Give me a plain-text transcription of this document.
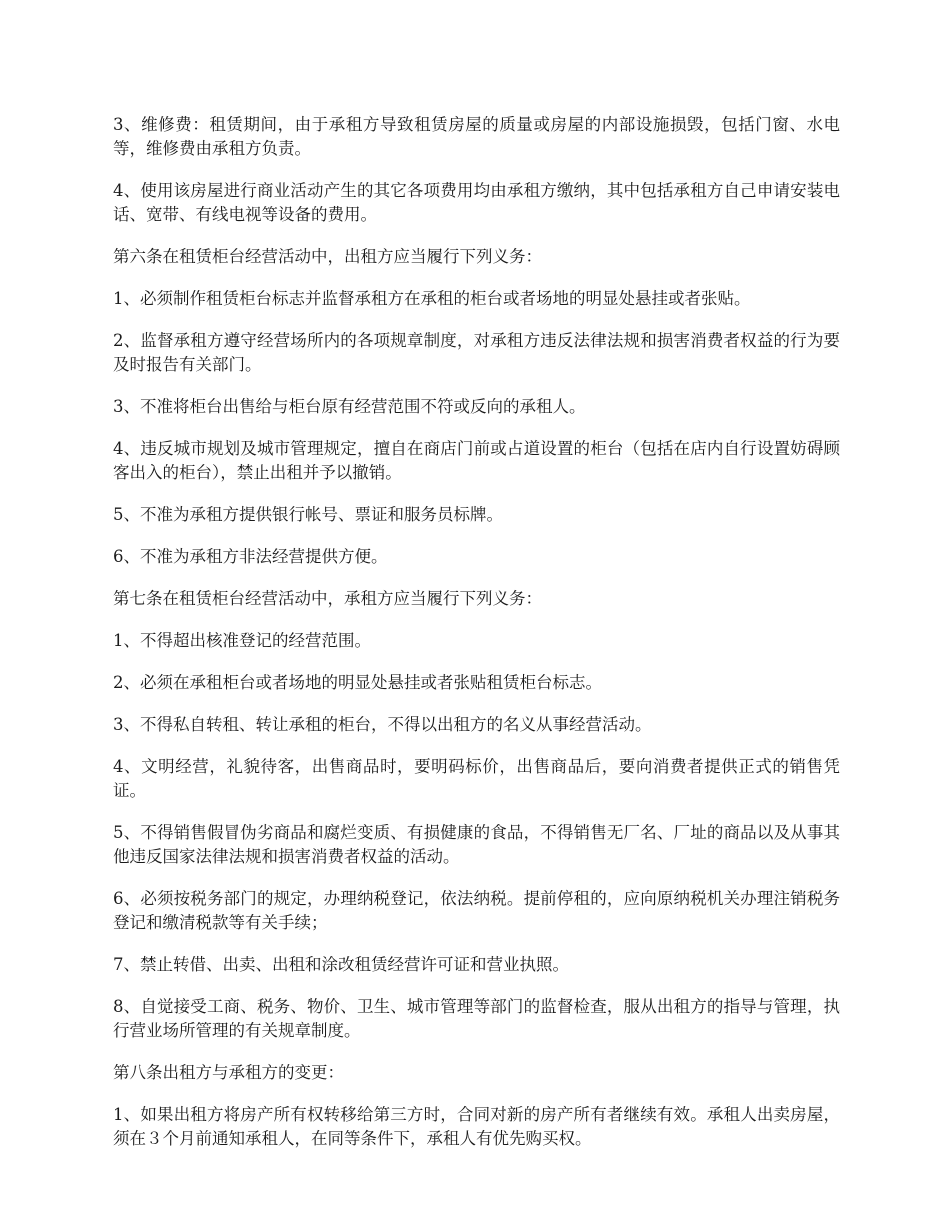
3、维修费：租赁期间，由于承租方导致租赁房屋的质量或房屋的内部设施损毁，包括门窗、水电等，维修费由承租方负责。

4、使用该房屋进行商业活动产生的其它各项费用均由承租方缴纳，其中包括承租方自己申请安装电话、宽带、有线电视等设备的费用。

第六条在租赁柜台经营活动中，出租方应当履行下列义务：

1、必须制作租赁柜台标志并监督承租方在承租的柜台或者场地的明显处悬挂或者张贴。

2、监督承租方遵守经营场所内的各项规章制度，对承租方违反法律法规和损害消费者权益的行为要及时报告有关部门。

3、不准将柜台出售给与柜台原有经营范围不符或反向的承租人。

4、违反城市规划及城市管理规定，擅自在商店门前或占道设置的柜台（包括在店内自行设置妨碍顾客出入的柜台），禁止出租并予以撤销。

5、不准为承租方提供银行帐号、票证和服务员标牌。

6、不准为承租方非法经营提供方便。

第七条在租赁柜台经营活动中，承租方应当履行下列义务：

1、不得超出核准登记的经营范围。

2、必须在承租柜台或者场地的明显处悬挂或者张贴租赁柜台标志。

3、不得私自转租、转让承租的柜台，不得以出租方的名义从事经营活动。

4、文明经营，礼貌待客，出售商品时，要明码标价，出售商品后，要向消费者提供正式的销售凭证。

5、不得销售假冒伪劣商品和腐烂变质、有损健康的食品，不得销售无厂名、厂址的商品以及从事其他违反国家法律法规和损害消费者权益的活动。

6、必须按税务部门的规定，办理纳税登记，依法纳税。提前停租的，应向原纳税机关办理注销税务登记和缴清税款等有关手续；

7、禁止转借、出卖、出租和涂改租赁经营许可证和营业执照。

8、自觉接受工商、税务、物价、卫生、城市管理等部门的监督检查，服从出租方的指导与管理，执行营业场所管理的有关规章制度。

第八条出租方与承租方的变更：

1、如果出租方将房产所有权转移给第三方时，合同对新的房产所有者继续有效。承租人出卖房屋，须在３个月前通知承租人，在同等条件下，承租人有优先购买权。
